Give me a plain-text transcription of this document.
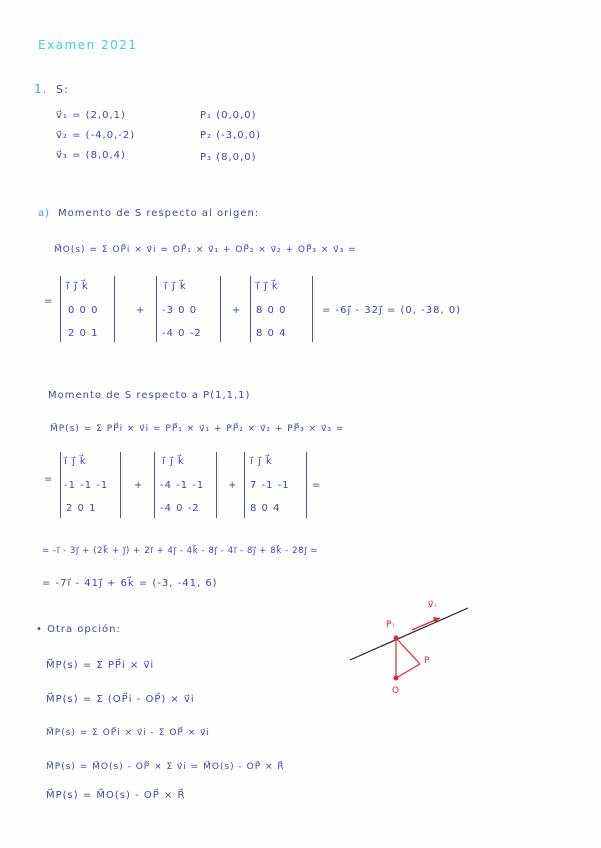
Examen 2021
1. S:
v⃗₁ = (2,0,1)
v⃗₂ = (-4,0,-2)
v⃗₃ = (8,0,4)
P₁ (0,0,0)
P₂ (-3,0,0)
P₃ (8,0,0)
a) Momento de S respecto al origen:
M⃗O(s) = Σ OP⃗i × v⃗i = OP⃗₁ × v⃗₁ + OP⃗₂ × v⃗₂ + OP⃗₃ × v⃗₃ =
=
i⃗ j⃗ k⃗
0 0 0
2 0 1
+
i⃗ j⃗ k⃗
-3 0 0
-4 0 -2
+
i⃗ j⃗ k⃗
8 0 0
8 0 4
= -6j⃗ - 32j⃗ = (0, -38, 0)
Momento de S respecto a P(1,1,1)
M⃗P(s) = Σ PP⃗i × v⃗i = PP⃗₁ × v⃗₁ + PP⃗₂ × v⃗₂ + PP⃗₃ × v⃗₃ =
=
i⃗ j⃗ k⃗
-1 -1 -1
2 0 1
+
i⃗ j⃗ k⃗
-4 -1 -1
-4 0 -2
+
i⃗ j⃗ k⃗
7 -1 -1
8 0 4
=
= -i⃗ - 3j⃗ + (2k⃗ + j⃗) + 2i⃗ + 4j⃗ - 4k⃗ - 8j⃗ - 4i⃗ - 8j⃗ + 8k⃗ - 28j⃗ =
= -7i⃗ - 41j⃗ + 6k⃗ = (-3, -41, 6)
• Otra opción:
M⃗P(s) = Σ PP⃗i × v⃗i
M⃗P(s) = Σ (OP⃗i - OP⃗) × v⃗i
M⃗P(s) = Σ OP⃗i × v⃗i - Σ OP⃗ × v⃗i
M⃗P(s) = M⃗O(s) - OP⃗ × Σ v⃗i = M⃗O(s) - OP⃗ × R⃗
M⃗P(s) = M⃗O(s) - OP⃗ × R⃗
Pᵢ
v⃗ᵢ
P
O
